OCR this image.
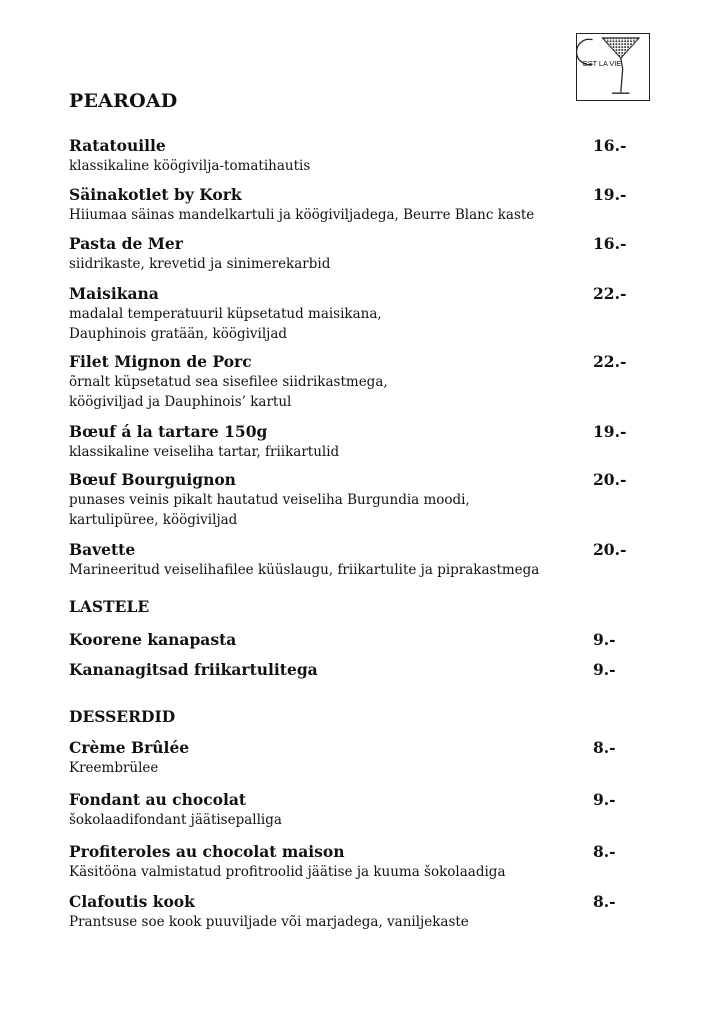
EST LA VIE
PEAROAD
Ratatouille	16.-
klassikaline köögivilja-tomatihautis
Säinakotlet by Kork	19.-
Hiiumaa säinas mandelkartuli ja köögiviljadega, Beurre Blanc kaste
Pasta de Mer	16.-
siidrikaste, krevetid ja sinimerekarbid
Maisikana	22.-
madalal temperatuuril küpsetatud maisikana,
Dauphinois gratään, köögiviljad
Filet Mignon de Porc	22.-
õrnalt küpsetatud sea sisefilee siidrikastmega,
köögiviljad ja Dauphinois’ kartul
Bœuf á la tartare 150g	19.-
klassikaline veiseliha tartar, friikartulid
Bœuf Bourguignon	20.-
punases veinis pikalt hautatud veiseliha Burgundia moodi,
kartulipüree, köögiviljad
Bavette	20.-
Marineeritud veiselihafilee küüslaugu, friikartulite ja piprakastmega
LASTELE
Koorene kanapasta	9.-
Kananagitsad friikartulitega	9.-
DESSERDID
Crème Brûlée	8.-
Kreembrülee
Fondant au chocolat	9.-
šokolaadifondant jäätisepalliga
Profiteroles au chocolat maison	8.-
Käsitööna valmistatud profitroolid jäätise ja kuuma šokolaadiga
Clafoutis kook	8.-
Prantsuse soe kook puuviljade või marjadega, vaniljekaste
